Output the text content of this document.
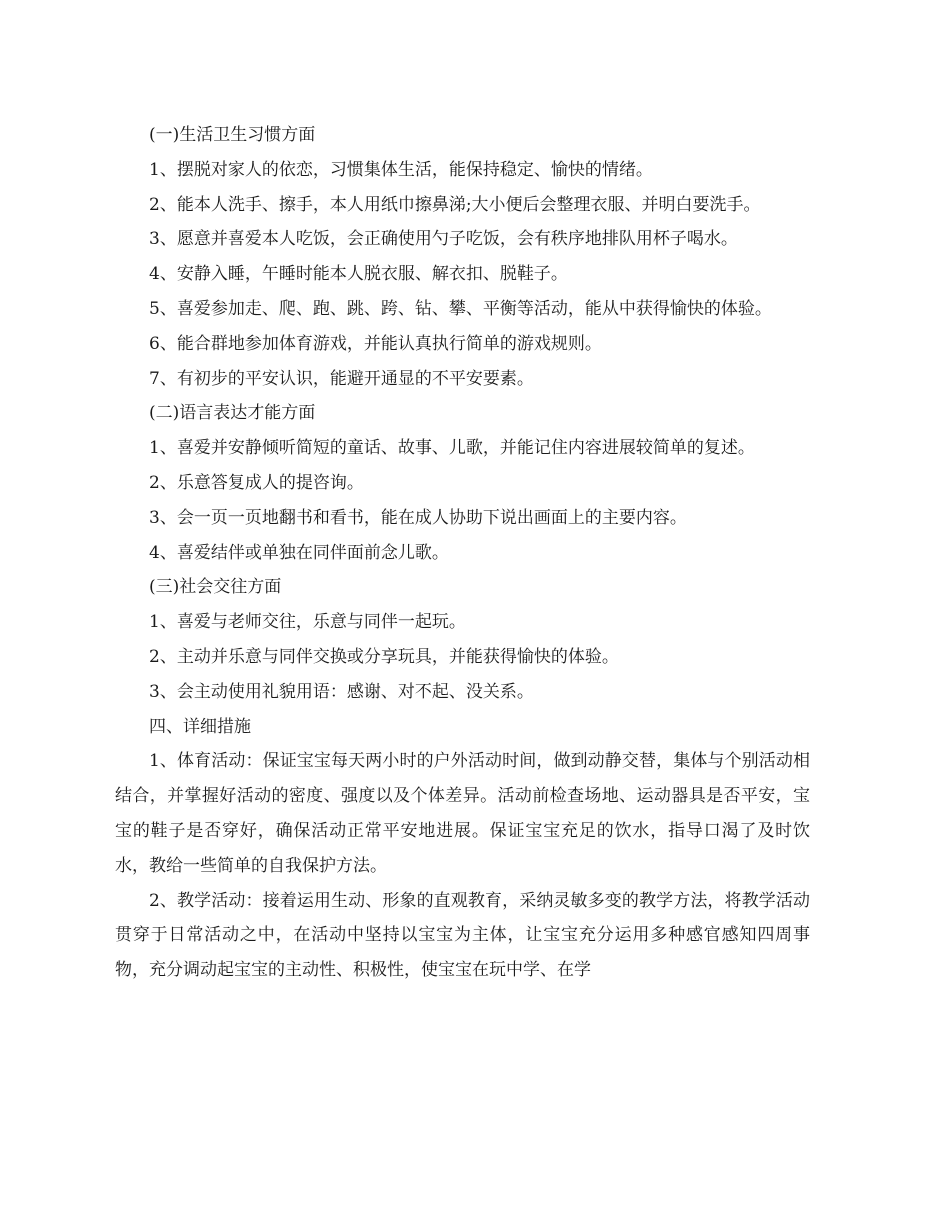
(一)生活卫生习惯方面

1、摆脱对家人的依恋，习惯集体生活，能保持稳定、愉快的情绪。

2、能本人洗手、擦手，本人用纸巾擦鼻涕;大小便后会整理衣服、并明白要洗手。

3、愿意并喜爱本人吃饭，会正确使用勺子吃饭，会有秩序地排队用杯子喝水。

4、安静入睡，午睡时能本人脱衣服、解衣扣、脱鞋子。

5、喜爱参加走、爬、跑、跳、跨、钻、攀、平衡等活动，能从中获得愉快的体验。

6、能合群地参加体育游戏，并能认真执行简单的游戏规则。

7、有初步的平安认识，能避开通显的不平安要素。

(二)语言表达才能方面

1、喜爱并安静倾听简短的童话、故事、儿歌，并能记住内容进展较简单的复述。

2、乐意答复成人的提咨询。

3、会一页一页地翻书和看书，能在成人协助下说出画面上的主要内容。

4、喜爱结伴或单独在同伴面前念儿歌。

(三)社会交往方面

1、喜爱与老师交往，乐意与同伴一起玩。

2、主动并乐意与同伴交换或分享玩具，并能获得愉快的体验。

3、会主动使用礼貌用语：感谢、对不起、没关系。

四、详细措施

1、体育活动：保证宝宝每天两小时的户外活动时间，做到动静交替，集体与个别活动相结合，并掌握好活动的密度、强度以及个体差异。活动前检查场地、运动器具是否平安，宝宝的鞋子是否穿好，确保活动正常平安地进展。保证宝宝充足的饮水，指导口渴了及时饮水，教给一些简单的自我保护方法。

2、教学活动：接着运用生动、形象的直观教育，采纳灵敏多变的教学方法，将教学活动贯穿于日常活动之中，在活动中坚持以宝宝为主体，让宝宝充分运用多种感官感知四周事物，充分调动起宝宝的主动性、积极性，使宝宝在玩中学、在学
